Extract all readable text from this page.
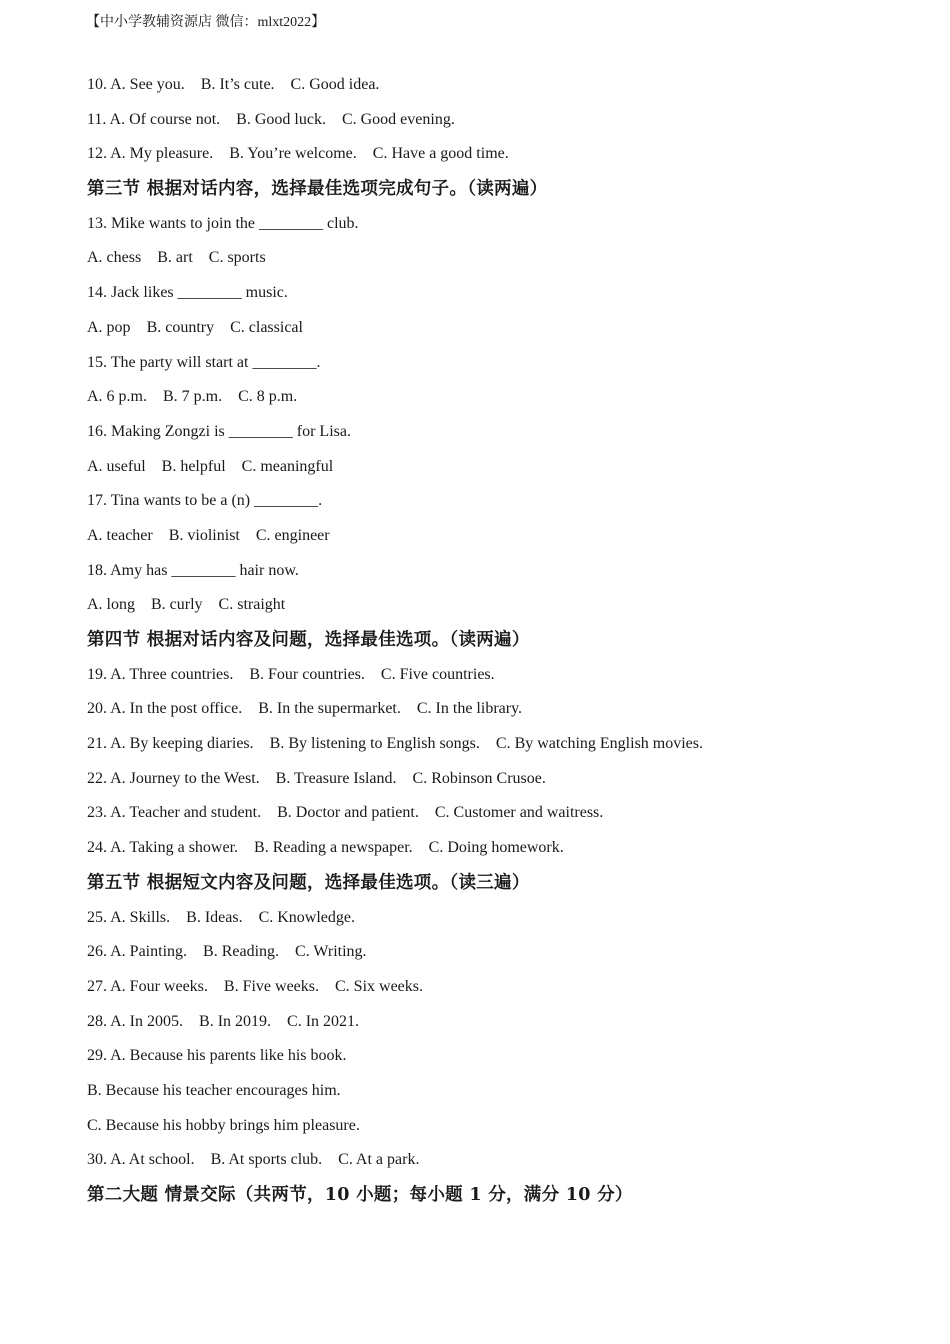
【中小学教辅资源店 微信：mlxt2022】
10. A. See you. B. It’s cute. C. Good idea.
11. A. Of course not. B. Good luck. C. Good evening.
12. A. My pleasure. B. You’re welcome. C. Have a good time.
第三节 根据对话内容，选择最佳选项完成句子。（读两遍）
13. Mike wants to join the ________ club.
A. chess B. art C. sports
14. Jack likes ________ music.
A. pop B. country C. classical
15. The party will start at ________.
A. 6 p.m. B. 7 p.m. C. 8 p.m.
16. Making Zongzi is ________ for Lisa.
A. useful B. helpful C. meaningful
17. Tina wants to be a (n) ________.
A. teacher B. violinist C. engineer
18. Amy has ________ hair now.
A. long B. curly C. straight
第四节 根据对话内容及问题，选择最佳选项。（读两遍）
19. A. Three countries. B. Four countries. C. Five countries.
20. A. In the post office. B. In the supermarket. C. In the library.
21. A. By keeping diaries. B. By listening to English songs. C. By watching English movies.
22. A. Journey to the West. B. Treasure Island. C. Robinson Crusoe.
23. A. Teacher and student. B. Doctor and patient. C. Customer and waitress.
24. A. Taking a shower. B. Reading a newspaper. C. Doing homework.
第五节 根据短文内容及问题，选择最佳选项。（读三遍）
25. A. Skills. B. Ideas. C. Knowledge.
26. A. Painting. B. Reading. C. Writing.
27. A. Four weeks. B. Five weeks. C. Six weeks.
28. A. In 2005. B. In 2019. C. In 2021.
29. A. Because his parents like his book.
B. Because his teacher encourages him.
C. Because his hobby brings him pleasure.
30. A. At school. B. At sports club. C. At a park.
第二大题 情景交际（共两节，10 小题；每小题 1 分，满分 10 分）
